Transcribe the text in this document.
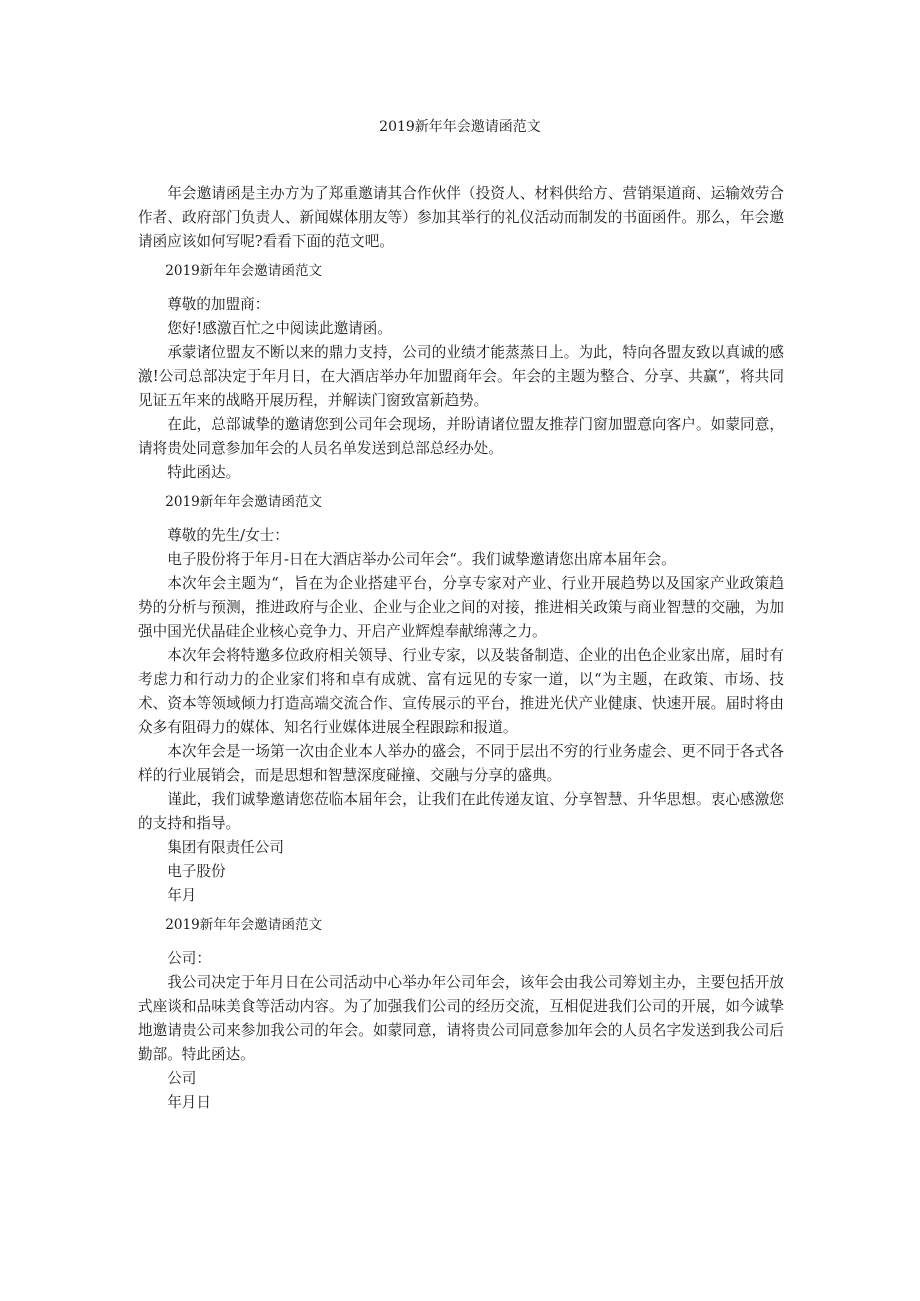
2019新年年会邀请函范文

年会邀请函是主办方为了郑重邀请其合作伙伴（投资人、材料供给方、营销渠道商、运输效劳合作者、政府部门负责人、新闻媒体朋友等）参加其举行的礼仪活动而制发的书面函件。那么，年会邀请函应该如何写呢?看看下面的范文吧。

2019新年年会邀请函范文

尊敬的加盟商：

您好!感激百忙之中阅读此邀请函。

承蒙诸位盟友不断以来的鼎力支持，公司的业绩才能蒸蒸日上。为此，特向各盟友致以真诚的感激!公司总部决定于年月日，在大酒店举办年加盟商年会。年会的主题为整合、分享、共赢“，将共同见证五年来的战略开展历程，并解读门窗致富新趋势。

在此，总部诚挚的邀请您到公司年会现场，并盼请诸位盟友推荐门窗加盟意向客户。如蒙同意，请将贵处同意参加年会的人员名单发送到总部总经办处。

特此函达。

2019新年年会邀请函范文

尊敬的先生/女士：

电子股份将于年月-日在大酒店举办公司年会“。我们诚挚邀请您出席本届年会。

本次年会主题为“，旨在为企业搭建平台，分享专家对产业、行业开展趋势以及国家产业政策趋势的分析与预测，推进政府与企业、企业与企业之间的对接，推进相关政策与商业智慧的交融，为加强中国光伏晶硅企业核心竞争力、开启产业辉煌奉献绵薄之力。

本次年会将特邀多位政府相关领导、行业专家，以及装备制造、企业的出色企业家出席，届时有考虑力和行动力的企业家们将和卓有成就、富有远见的专家一道，以“为主题，在政策、市场、技术、资本等领域倾力打造高端交流合作、宣传展示的平台，推进光伏产业健康、快速开展。届时将由众多有阻碍力的媒体、知名行业媒体进展全程跟踪和报道。

本次年会是一场第一次由企业本人举办的盛会，不同于层出不穷的行业务虚会、更不同于各式各样的行业展销会，而是思想和智慧深度碰撞、交融与分享的盛典。

谨此，我们诚挚邀请您莅临本届年会，让我们在此传递友谊、分享智慧、升华思想。衷心感激您的支持和指导。

集团有限责任公司

电子股份

年月

2019新年年会邀请函范文

公司：

我公司决定于年月日在公司活动中心举办年公司年会，该年会由我公司筹划主办，主要包括开放式座谈和品味美食等活动内容。为了加强我们公司的经历交流，互相促进我们公司的开展，如今诚挚地邀请贵公司来参加我公司的年会。如蒙同意，请将贵公司同意参加年会的人员名字发送到我公司后勤部。特此函达。

公司

年月日
